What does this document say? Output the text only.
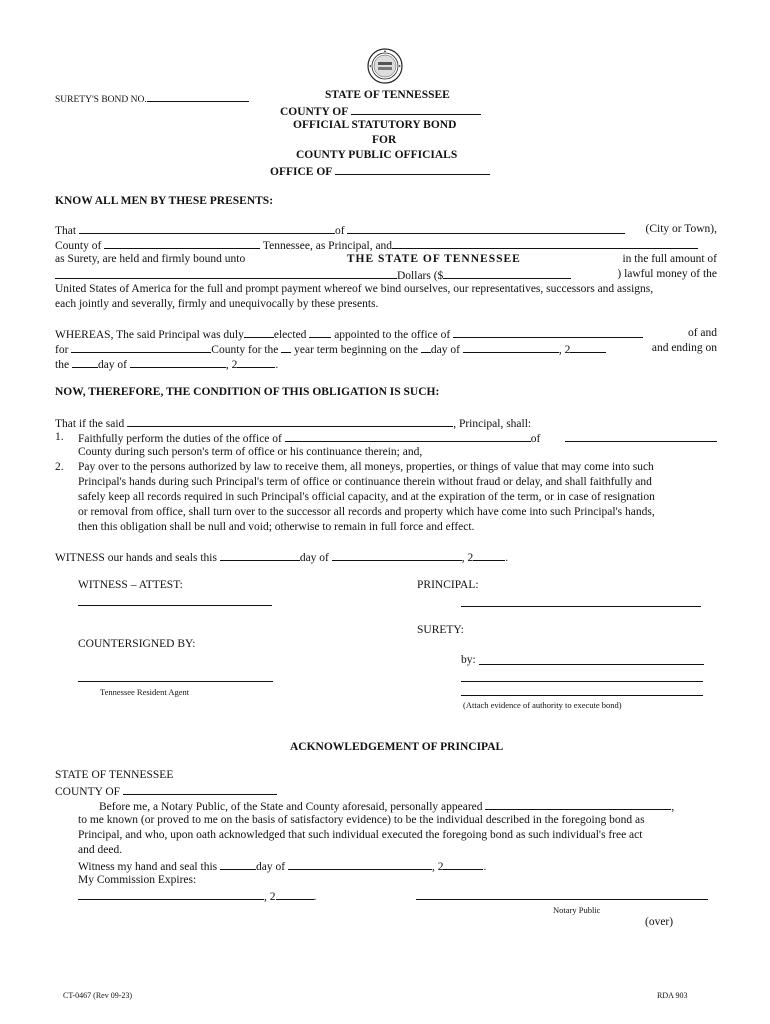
SURETY'S BOND NO.	STATE OF TENNESSEE
COUNTY OF
OFFICIAL STATUTORY BOND
FOR
COUNTY PUBLIC OFFICIALS
OFFICE OF
KNOW ALL MEN BY THESE PRESENTS:
That	of	(City or Town),
County of	Tennessee, as Principal, and
as Surety, are held and firmly bound unto	THE STATE OF TENNESSEE	in the full amount of
Dollars ($	) lawful money of the
United States of America for the full and prompt payment whereof we bind ourselves, our representatives, successors and assigns,
each jointly and severally, firmly and unequivocally by these presents.
WHEREAS, The said Principal was duly	elected appointed to the office of	of and
for	County for the year term beginning on the day of	, 2	and ending on
the	day of	, 2	.
NOW, THEREFORE, THE CONDITION OF THIS OBLIGATION IS SUCH:
That if the said	, Principal, shall:
1. Faithfully perform the duties of the office of	of
County during such person's term of office or his continuance therein; and,
2. Pay over to the persons authorized by law to receive them, all moneys, properties, or things of value that may come into such
Principal's hands during such Principal's term of office or continuance therein without fraud or delay, and shall faithfully and
safely keep all records required in such Principal's official capacity, and at the expiration of the term, or in case of resignation
or removal from office, shall turn over to the successor all records and property which have come into such Principal's hands,
then this obligation shall be null and void; otherwise to remain in full force and effect.
WITNESS our hands and seals this	day of	, 2	.
WITNESS – ATTEST:	PRINCIPAL:
SURETY:
COUNTERSIGNED BY:
by:
Tennessee Resident Agent
(Attach evidence of authority to execute bond)
ACKNOWLEDGEMENT OF PRINCIPAL
STATE OF TENNESSEE
COUNTY OF
Before me, a Notary Public, of the State and County aforesaid, personally appeared	,
to me known (or proved to me on the basis of satisfactory evidence) to be the individual described in the foregoing bond as
Principal, and who, upon oath acknowledged that such individual executed the foregoing bond as such individual's free act
and deed.
Witness my hand and seal this	day of	, 2	.
My Commission Expires:
, 2	.
Notary Public
(over)
CT-0467 (Rev 09-23)	RDA 903
